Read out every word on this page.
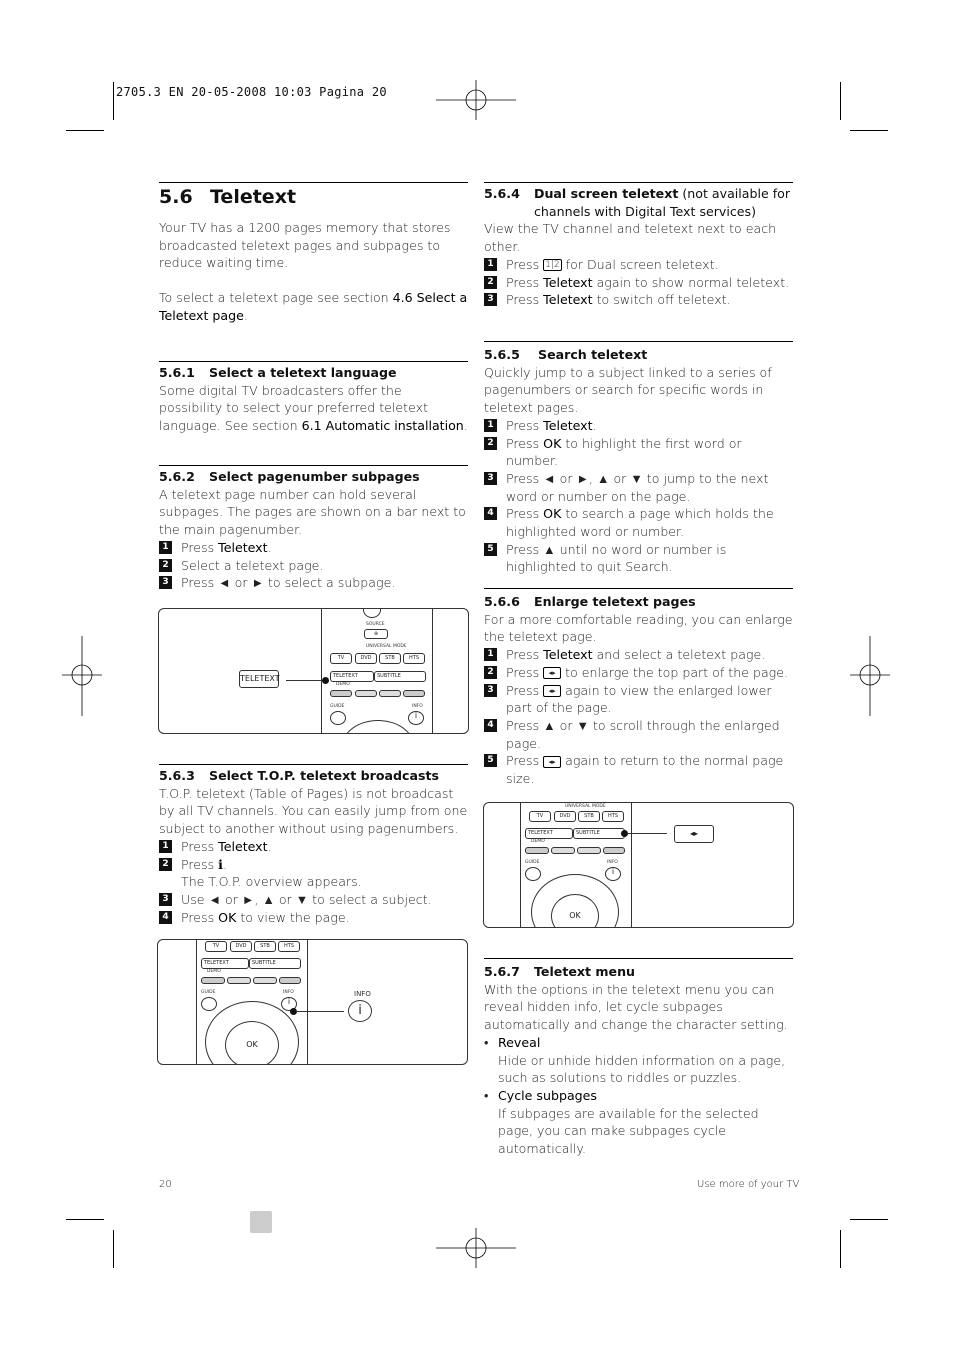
2705.3 EN 20-05-2008 10:03 Pagina 20
5.6 Teletext

Your TV has a 1200 pages memory that stores broadcasted teletext pages and subpages to reduce waiting time.

To select a teletext page see section 4.6 Select a Teletext page.

5.6.1 Select a teletext language

Some digital TV broadcasters offer the possibility to select your preferred teletext language. See section 6.1 Automatic installation.

5.6.2 Select pagenumber subpages

A teletext page number can hold several subpages. The pages are shown on a bar next to the main pagenumber.

1 Press Teletext.
2 Select a teletext page.
3 Press ◄ or ► to select a subpage.
SOURCE
⊕
UNIVERSAL MODE
TV	DVD	STB	HTS
TELETEXT	SUBTITLE
DEMO
GUIDE	INFO
i
TELETEXT
5.6.3 Select T.O.P. teletext broadcasts

T.O.P. teletext (Table of Pages) is not broadcast by all TV channels. You can easily jump from one subject to another without using pagenumbers.

1 Press Teletext.
2 Press ℹ.
The T.O.P. overview appears.
3 Use ◄ or ►, ▲ or ▼ to select a subject.
4 Press OK to view the page.
TV	DVD	STB	HTS
TELETEXT	SUBTITLE
DEMO
GUIDE	INFO
i
OK
INFO
i
5.6.4 Dual screen teletext (not available for channels with Digital Text services)

View the TV channel and teletext next to each other.

1 Press 1|2 for Dual screen teletext.
2 Press Teletext again to show normal teletext.
3 Press Teletext to switch off teletext.
5.6.5 Search teletext

Quickly jump to a subject linked to a series of pagenumbers or search for specific words in teletext pages.

1 Press Teletext.
2 Press OK to highlight the first word or number.
3 Press ◄ or ►, ▲ or ▼ to jump to the next word or number on the page.
4 Press OK to search a page which holds the highlighted word or number.
5 Press ▲ until no word or number is highlighted to quit Search.
5.6.6 Enlarge teletext pages

For a more comfortable reading, you can enlarge the teletext page.

1 Press Teletext and select a teletext page.
2 Press ◂▸ to enlarge the top part of the page.
3 Press ◂▸ again to view the enlarged lower part of the page.
4 Press ▲ or ▼ to scroll through the enlarged page.
5 Press ◂▸ again to return to the normal page size.
UNIVERSAL MODE
TV	DVD	STB	HTS
TELETEXT	SUBTITLE
DEMO
GUIDE	INFO
i
OK
◂▸
5.6.7 Teletext menu

With the options in the teletext menu you can reveal hidden info, let cycle subpages automatically and change the character setting.

• Reveal
Hide or unhide hidden information on a page, such as solutions to riddles or puzzles.
• Cycle subpages
If subpages are available for the selected page, you can make subpages cycle automatically.
20	Use more of your TV
